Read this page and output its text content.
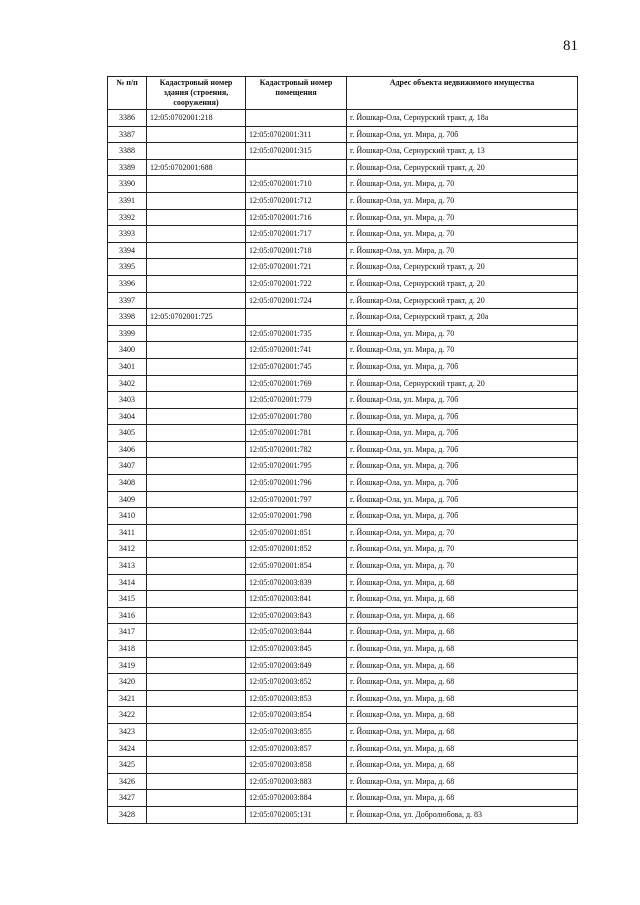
81
№ п/п	Кадастровый номер здания (строения, сооружения)	Кадастровый номер помещения	Адрес объекта недвижимого имущества
3386	12:05:0702001:218		г. Йошкар-Ола, Сернурский тракт, д. 18а
3387		12:05:0702001:311	г. Йошкар-Ола, ул. Мира, д. 70б
3388		12:05:0702001:315	г. Йошкар-Ола, Сернурский тракт, д. 13
3389	12:05:0702001:688		г. Йошкар-Ола, Сернурский тракт, д. 20
3390		12:05:0702001:710	г. Йошкар-Ола, ул. Мира, д. 70
3391		12:05:0702001:712	г. Йошкар-Ола, ул. Мира, д. 70
3392		12:05:0702001:716	г. Йошкар-Ола, ул. Мира, д. 70
3393		12:05:0702001:717	г. Йошкар-Ола, ул. Мира, д. 70
3394		12:05:0702001:718	г. Йошкар-Ола, ул. Мира, д. 70
3395		12:05:0702001:721	г. Йошкар-Ола, Сернурский тракт, д. 20
3396		12:05:0702001:722	г. Йошкар-Ола, Сернурский тракт, д. 20
3397		12:05:0702001:724	г. Йошкар-Ола, Сернурский тракт, д. 20
3398	12:05:0702001:725		г. Йошкар-Ола, Сернурский тракт, д. 20а
3399		12:05:0702001:735	г. Йошкар-Ола, ул. Мира, д. 70
3400		12:05:0702001:741	г. Йошкар-Ола, ул. Мира, д. 70
3401		12:05:0702001:745	г. Йошкар-Ола, ул. Мира, д. 70б
3402		12:05:0702001:769	г. Йошкар-Ола, Сернурский тракт, д. 20
3403		12:05:0702001:779	г. Йошкар-Ола, ул. Мира, д. 70б
3404		12:05:0702001:780	г. Йошкар-Ола, ул. Мира, д. 70б
3405		12:05:0702001:781	г. Йошкар-Ола, ул. Мира, д. 70б
3406		12:05:0702001:782	г. Йошкар-Ола, ул. Мира, д. 70б
3407		12:05:0702001:795	г. Йошкар-Ола, ул. Мира, д. 70б
3408		12:05:0702001:796	г. Йошкар-Ола, ул. Мира, д. 70б
3409		12:05:0702001:797	г. Йошкар-Ола, ул. Мира, д. 70б
3410		12:05:0702001:798	г. Йошкар-Ола, ул. Мира, д. 70б
3411		12:05:0702001:851	г. Йошкар-Ола, ул. Мира, д. 70
3412		12:05:0702001:852	г. Йошкар-Ола, ул. Мира, д. 70
3413		12:05:0702001:854	г. Йошкар-Ола, ул. Мира, д. 70
3414		12:05:0702003:839	г. Йошкар-Ола, ул. Мира, д. 68
3415		12:05:0702003:841	г. Йошкар-Ола, ул. Мира, д. 68
3416		12:05:0702003:843	г. Йошкар-Ола, ул. Мира, д. 68
3417		12:05:0702003:844	г. Йошкар-Ола, ул. Мира, д. 68
3418		12:05:0702003:845	г. Йошкар-Ола, ул. Мира, д. 68
3419		12:05:0702003:849	г. Йошкар-Ола, ул. Мира, д. 68
3420		12:05:0702003:852	г. Йошкар-Ола, ул. Мира, д. 68
3421		12:05:0702003:853	г. Йошкар-Ола, ул. Мира, д. 68
3422		12:05:0702003:854	г. Йошкар-Ола, ул. Мира, д. 68
3423		12:05:0702003:855	г. Йошкар-Ола, ул. Мира, д. 68
3424		12:05:0702003:857	г. Йошкар-Ола, ул. Мира, д. 68
3425		12:05:0702003:858	г. Йошкар-Ола, ул. Мира, д. 68
3426		12:05:0702003:883	г. Йошкар-Ола, ул. Мира, д. 68
3427		12:05:0702003:884	г. Йошкар-Ола, ул. Мира, д. 68
3428		12:05:0702005:131	г. Йошкар-Ола, ул. Добролюбова, д. 83
